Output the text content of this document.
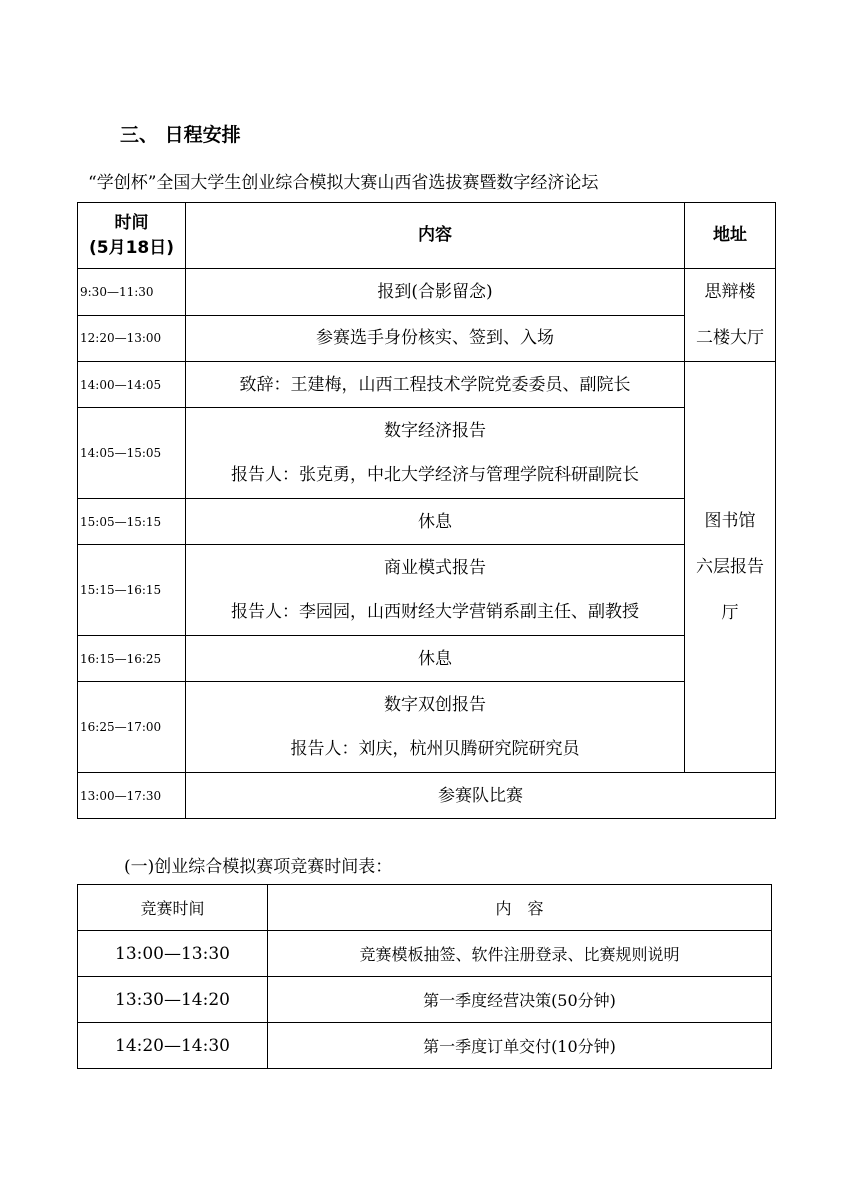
三、 日程安排
“学创杯”全国大学生创业综合模拟大赛山西省选拔赛暨数字经济论坛
时间
(5月18日)	内容	地址
9:30—11:30	报到(合影留念)	思辩楼
二楼大厅

12:20—13:00	参赛选手身份核实、签到、入场	
14:00—14:05	致辞：王建梅，山西工程技术学院党委委员、副院长	图书馆
六层报告
厅

14:05—15:05	数字经济报告
报告人：张克勇，中北大学经济与管理学院科研副院长	

15:05—15:15	休息	
15:15—16:15	商业模式报告
报告人：李园园，山西财经大学营销系副主任、副教授	

16:15—16:25	休息	
16:25—17:00	数字双创报告
报告人：刘庆，杭州贝腾研究院研究员	

13:00—17:30	参赛队比赛	
(一)创业综合模拟赛项竞赛时间表：
竞赛时间	内　容
13:00—13:30	竞赛模板抽签、软件注册登录、比赛规则说明
13:30—14:20	第一季度经营决策(50分钟)
14:20—14:30	第一季度订单交付(10分钟)
